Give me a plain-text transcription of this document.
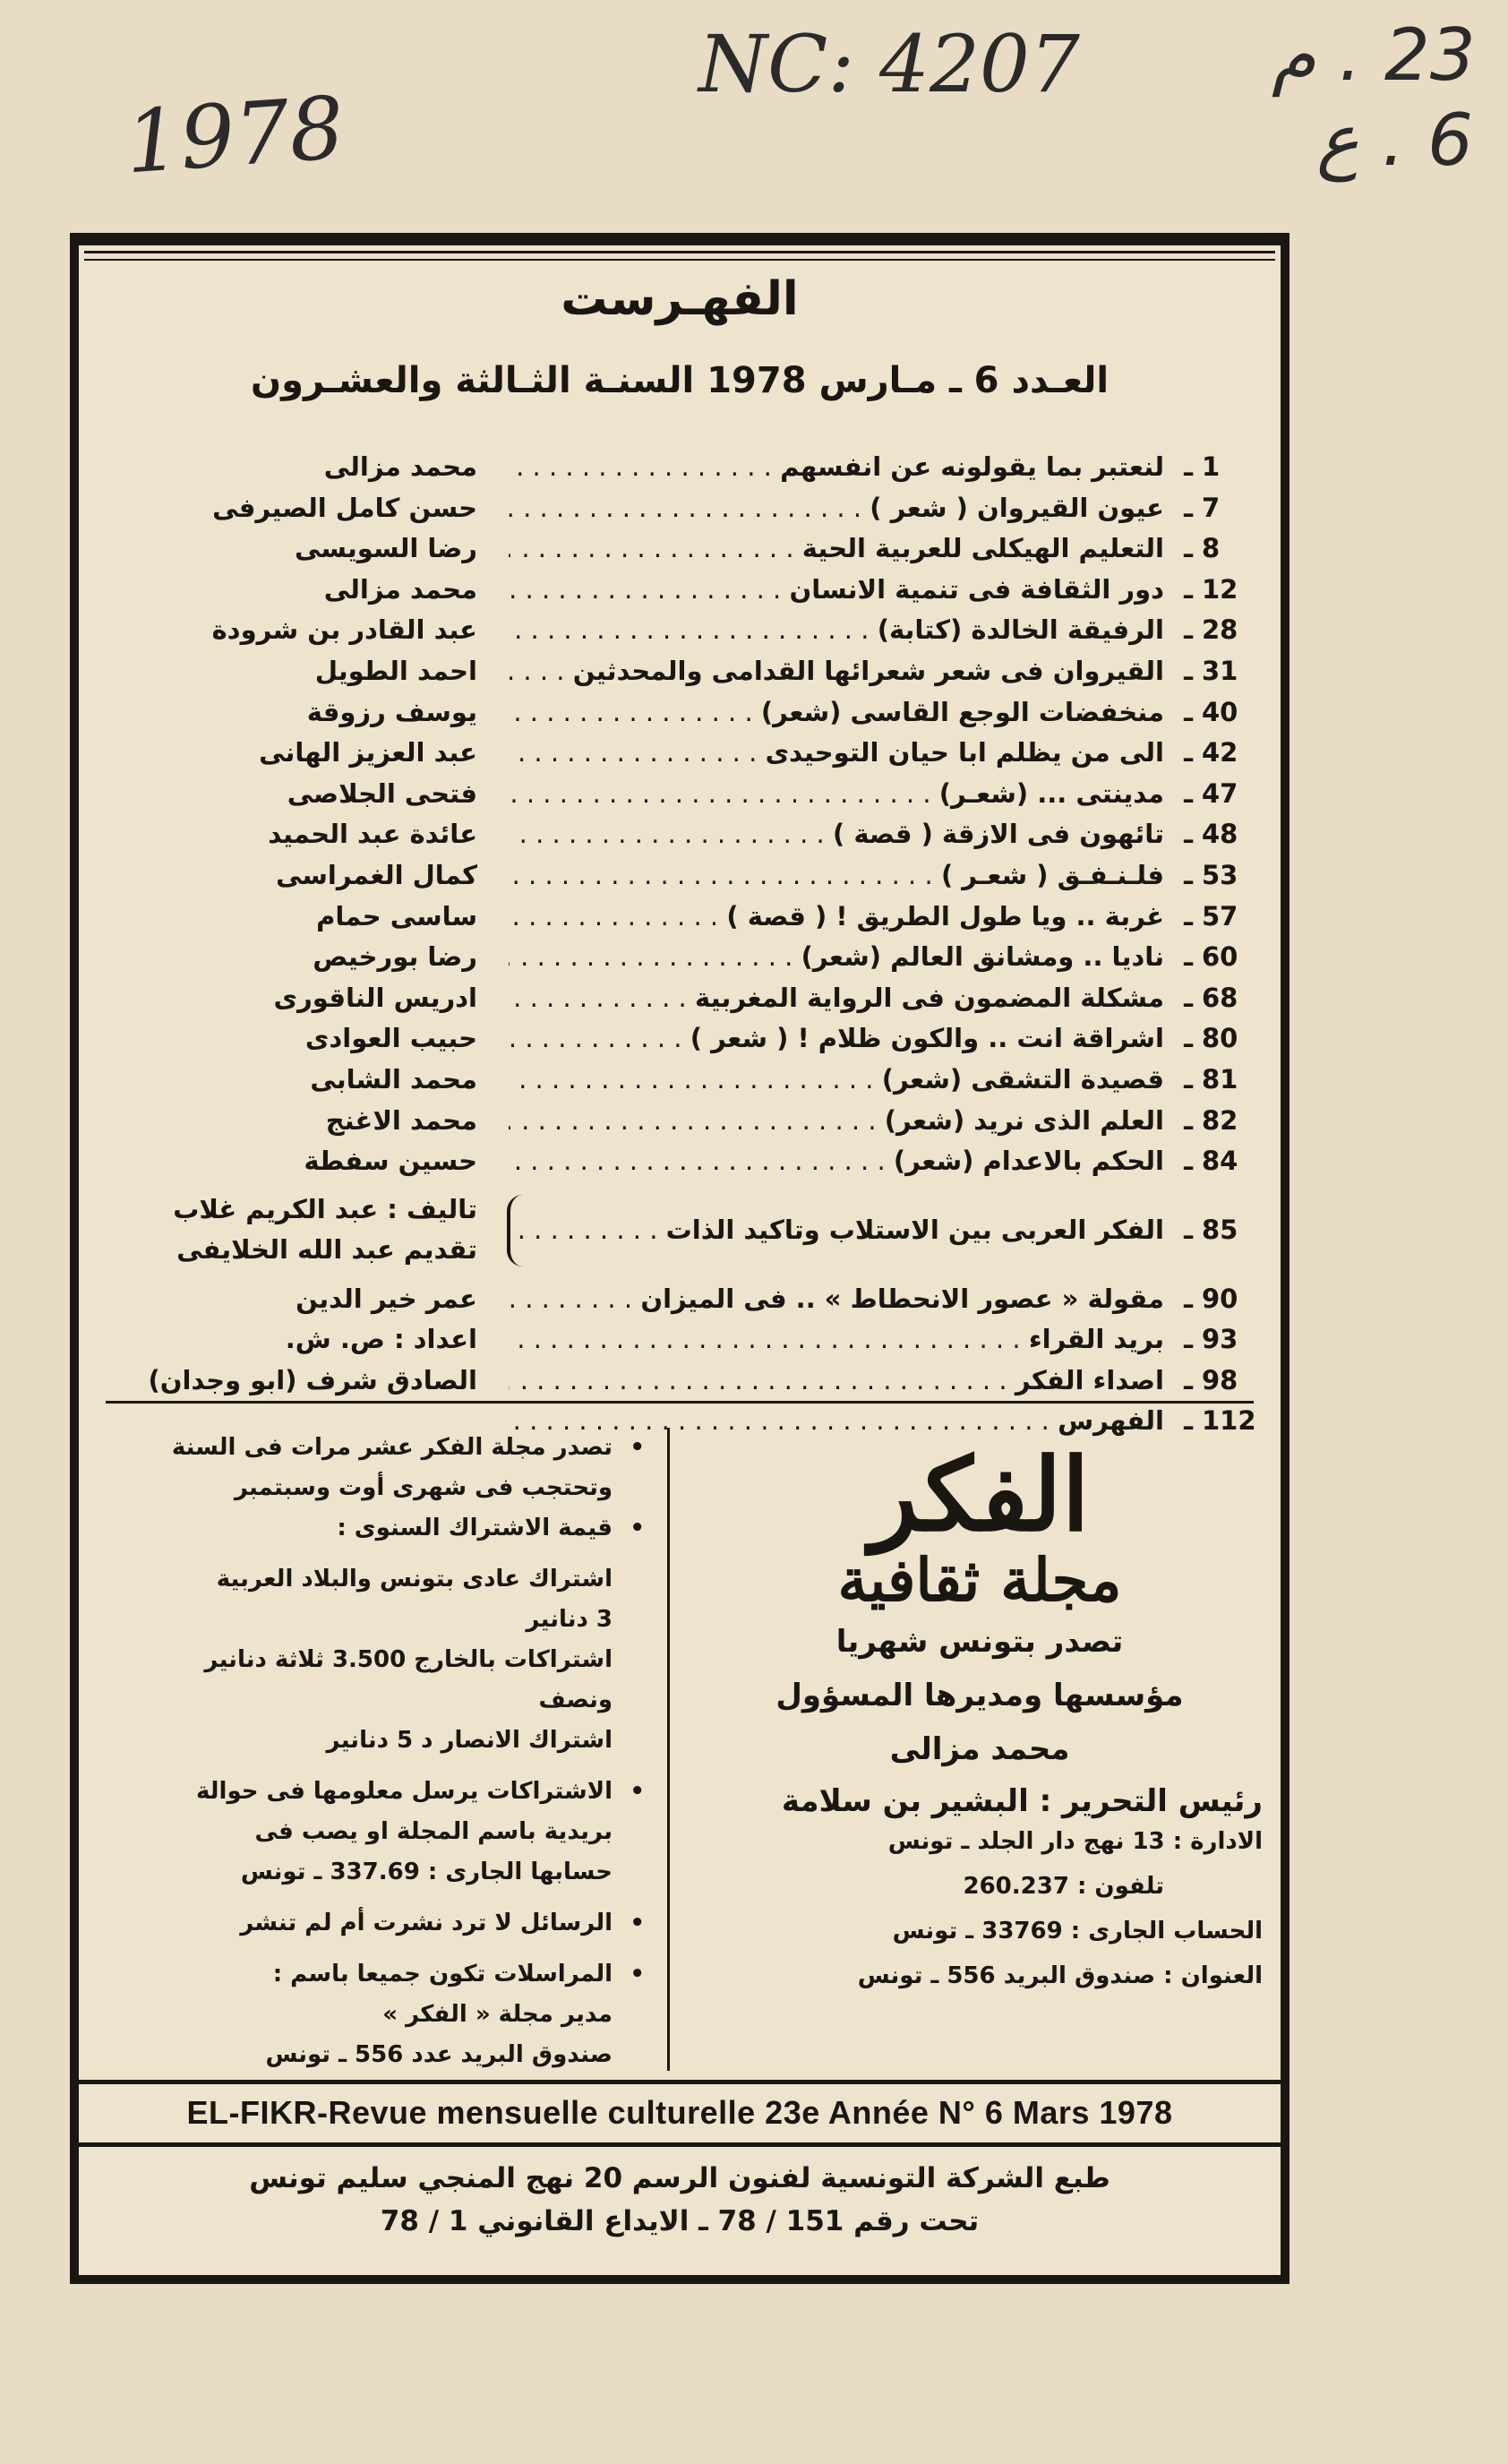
1978
NC: 4207	23 . م
6 . ع
الفهـرست
العـدد 6 ـ مـارس 1978 السنـة الثـالثة والعشـرون
1
ـ
لنعتبر بما يقولونه عن انفسهم . . .
محمد مزالى
7
ـ
عيون القيروان ( شعر ) . . .
حسن كامل الصيرفى
8
ـ
التعليم الهيكلى للعربية الحية . . .
رضا السويسى
12
ـ
دور الثقافة فى تنمية الانسان . . .
محمد مزالى
28
ـ
الرفيقة الخالدة (كتابة) . . .
عبد القادر بن شرودة
31
ـ
القيروان فى شعر شعرائها القدامى والمحدثين . . .
احمد الطويل
40
ـ
منخفضات الوجع القاسى (شعر) . . .
يوسف رزوقة
42
ـ
الى من يظلم ابا حيان التوحيدى . . .
عبد العزيز الهانى
47
ـ
مدينتى ... (شعـر) . . .
فتحى الجلاصى
48
ـ
تائهون فى الازقة ( قصة ) . . .
عائدة عبد الحميد
53
ـ
فلـنـفـق ( شعـر ) . . .
كمال الغمراسى
57
ـ
غربة .. ويا طول الطريق ! ( قصة ) . . .
ساسى حمام
60
ـ
ناديا .. ومشانق العالم (شعر) . . .
رضا بورخيص
68
ـ
مشكلة المضمون فى الرواية المغربية . . .
ادريس الناقورى
80
ـ
اشراقة انت .. والكون ظلام ! ( شعر ) . . .
حبيب العوادى
81
ـ
قصيدة التشقى (شعر) . . .
محمد الشابى
82
ـ
العلم الذى نريد (شعر) . . .
محمد الاغنج
84
ـ
الحكم بالاعدام (شعر) . . .
حسين سفطة
85
ـ
الفكر العربى بين الاستلاب وتاكيد الذات . . .
تاليف : عبد الكريم غلاب
تقديم عبد الله الخلايفى
90
ـ
مقولة « عصور الانحطاط » .. فى الميزان . . .
عمر خير الدين
93
ـ
بريد القراء . . .
اعداد : ص. ش.
98
ـ
اصداء الفكر . . .
الصادق شرف (ابو وجدان)
112
ـ
الفهرس . . .
• تصدر مجلة الفكر عشر مرات فى السنة
وتحتجب فى شهرى أوت وسبتمبر
• قيمة الاشتراك السنوى :
اشتراك عادى بتونس والبلاد العربية
3 دنانير
اشتراكات بالخارج 3.500 ثلاثة دنانير
ونصف
اشتراك الانصار د 5 دنانير
• الاشتراكات يرسل معلومها فى حوالة
بريدية باسم المجلة او يصب فى
حسابها الجارى : 337.69 ـ تونس
• الرسائل لا ترد نشرت أم لم تنشر
• المراسلات تكون جميعا باسم :
مدير مجلة « الفكر »
صندوق البريد عدد 556 ـ تونس
الفكر
مجلة ثقافية
تصدر بتونس شهريا
مؤسسها ومديرها المسؤول
محمد مزالى
رئيس التحرير : البشير بن سلامة
الادارة : 13 نهج دار الجلد ـ تونس
تلفون : 260.237
الحساب الجارى : 33769 ـ تونس
العنوان : صندوق البريد 556 ـ تونس
EL-FIKR-Revue mensuelle culturelle 23e Année N° 6 Mars 1978
طبع الشركة التونسية لفنون الرسم 20 نهج المنجي سليم تونس
تحت رقم 151 / 78 ـ الايداع القانوني 1 / 78
